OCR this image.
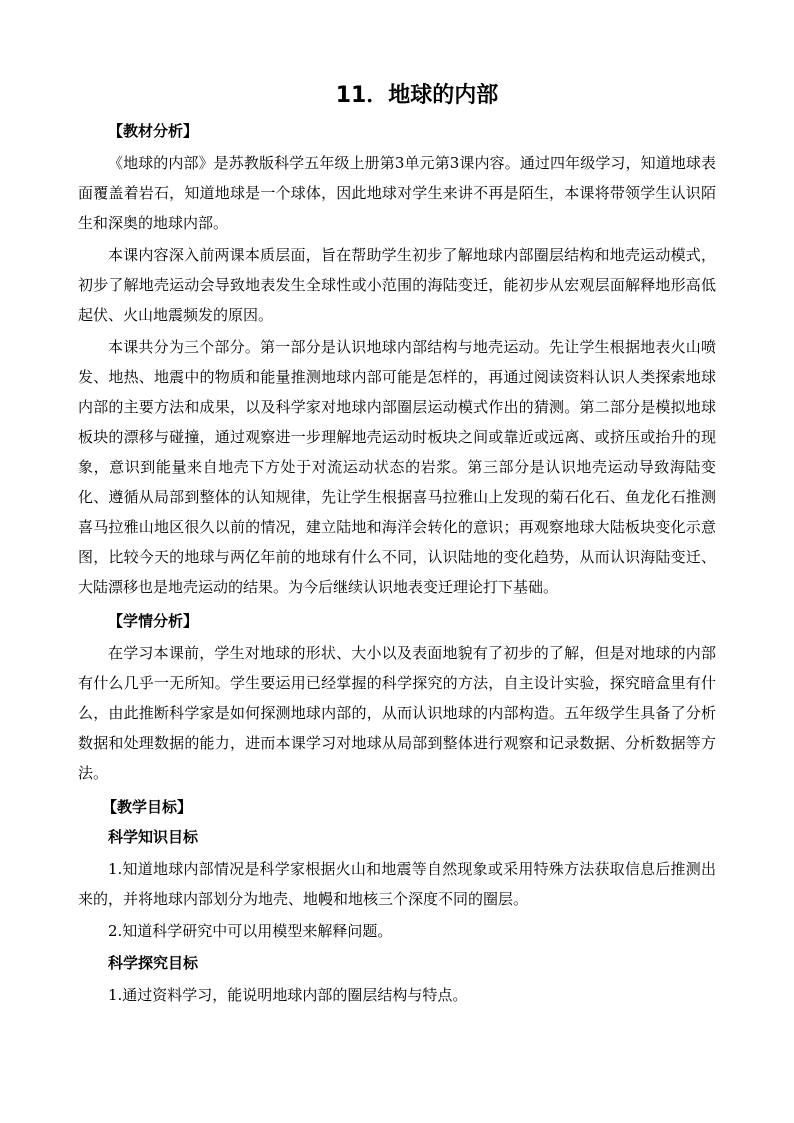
11．地球的内部
【教材分析】

《地球的内部》是苏教版科学五年级上册第3单元第3课内容。通过四年级学习，知道地球表面覆盖着岩石，知道地球是一个球体，因此地球对学生来讲不再是陌生，本课将带领学生认识陌生和深奥的地球内部。

本课内容深入前两课本质层面，旨在帮助学生初步了解地球内部圈层结构和地壳运动模式，初步了解地壳运动会导致地表发生全球性或小范围的海陆变迁，能初步从宏观层面解释地形高低起伏、火山地震频发的原因。

本课共分为三个部分。第一部分是认识地球内部结构与地壳运动。先让学生根据地表火山喷发、地热、地震中的物质和能量推测地球内部可能是怎样的，再通过阅读资料认识人类探索地球内部的主要方法和成果，以及科学家对地球内部圈层运动模式作出的猜测。第二部分是模拟地球板块的漂移与碰撞，通过观察进一步理解地壳运动时板块之间或靠近或远离、或挤压或抬升的现象，意识到能量来自地壳下方处于对流运动状态的岩浆。第三部分是认识地壳运动导致海陆变化、遵循从局部到整体的认知规律，先让学生根据喜马拉雅山上发现的菊石化石、鱼龙化石推测喜马拉雅山地区很久以前的情况，建立陆地和海洋会转化的意识；再观察地球大陆板块变化示意图，比较今天的地球与两亿年前的地球有什么不同，认识陆地的变化趋势，从而认识海陆变迁、大陆漂移也是地壳运动的结果。为今后继续认识地表变迁理论打下基础。

【学情分析】

在学习本课前，学生对地球的形状、大小以及表面地貌有了初步的了解，但是对地球的内部有什么几乎一无所知。学生要运用已经掌握的科学探究的方法，自主设计实验，探究暗盒里有什么，由此推断科学家是如何探测地球内部的，从而认识地球的内部构造。五年级学生具备了分析数据和处理数据的能力，进而本课学习对地球从局部到整体进行观察和记录数据、分析数据等方法。

【教学目标】
科学知识目标

1.知道地球内部情况是科学家根据火山和地震等自然现象或采用特殊方法获取信息后推测出来的，并将地球内部划分为地壳、地幔和地核三个深度不同的圈层。

2.知道科学研究中可以用模型来解释问题。

科学探究目标

1.通过资料学习，能说明地球内部的圈层结构与特点。
